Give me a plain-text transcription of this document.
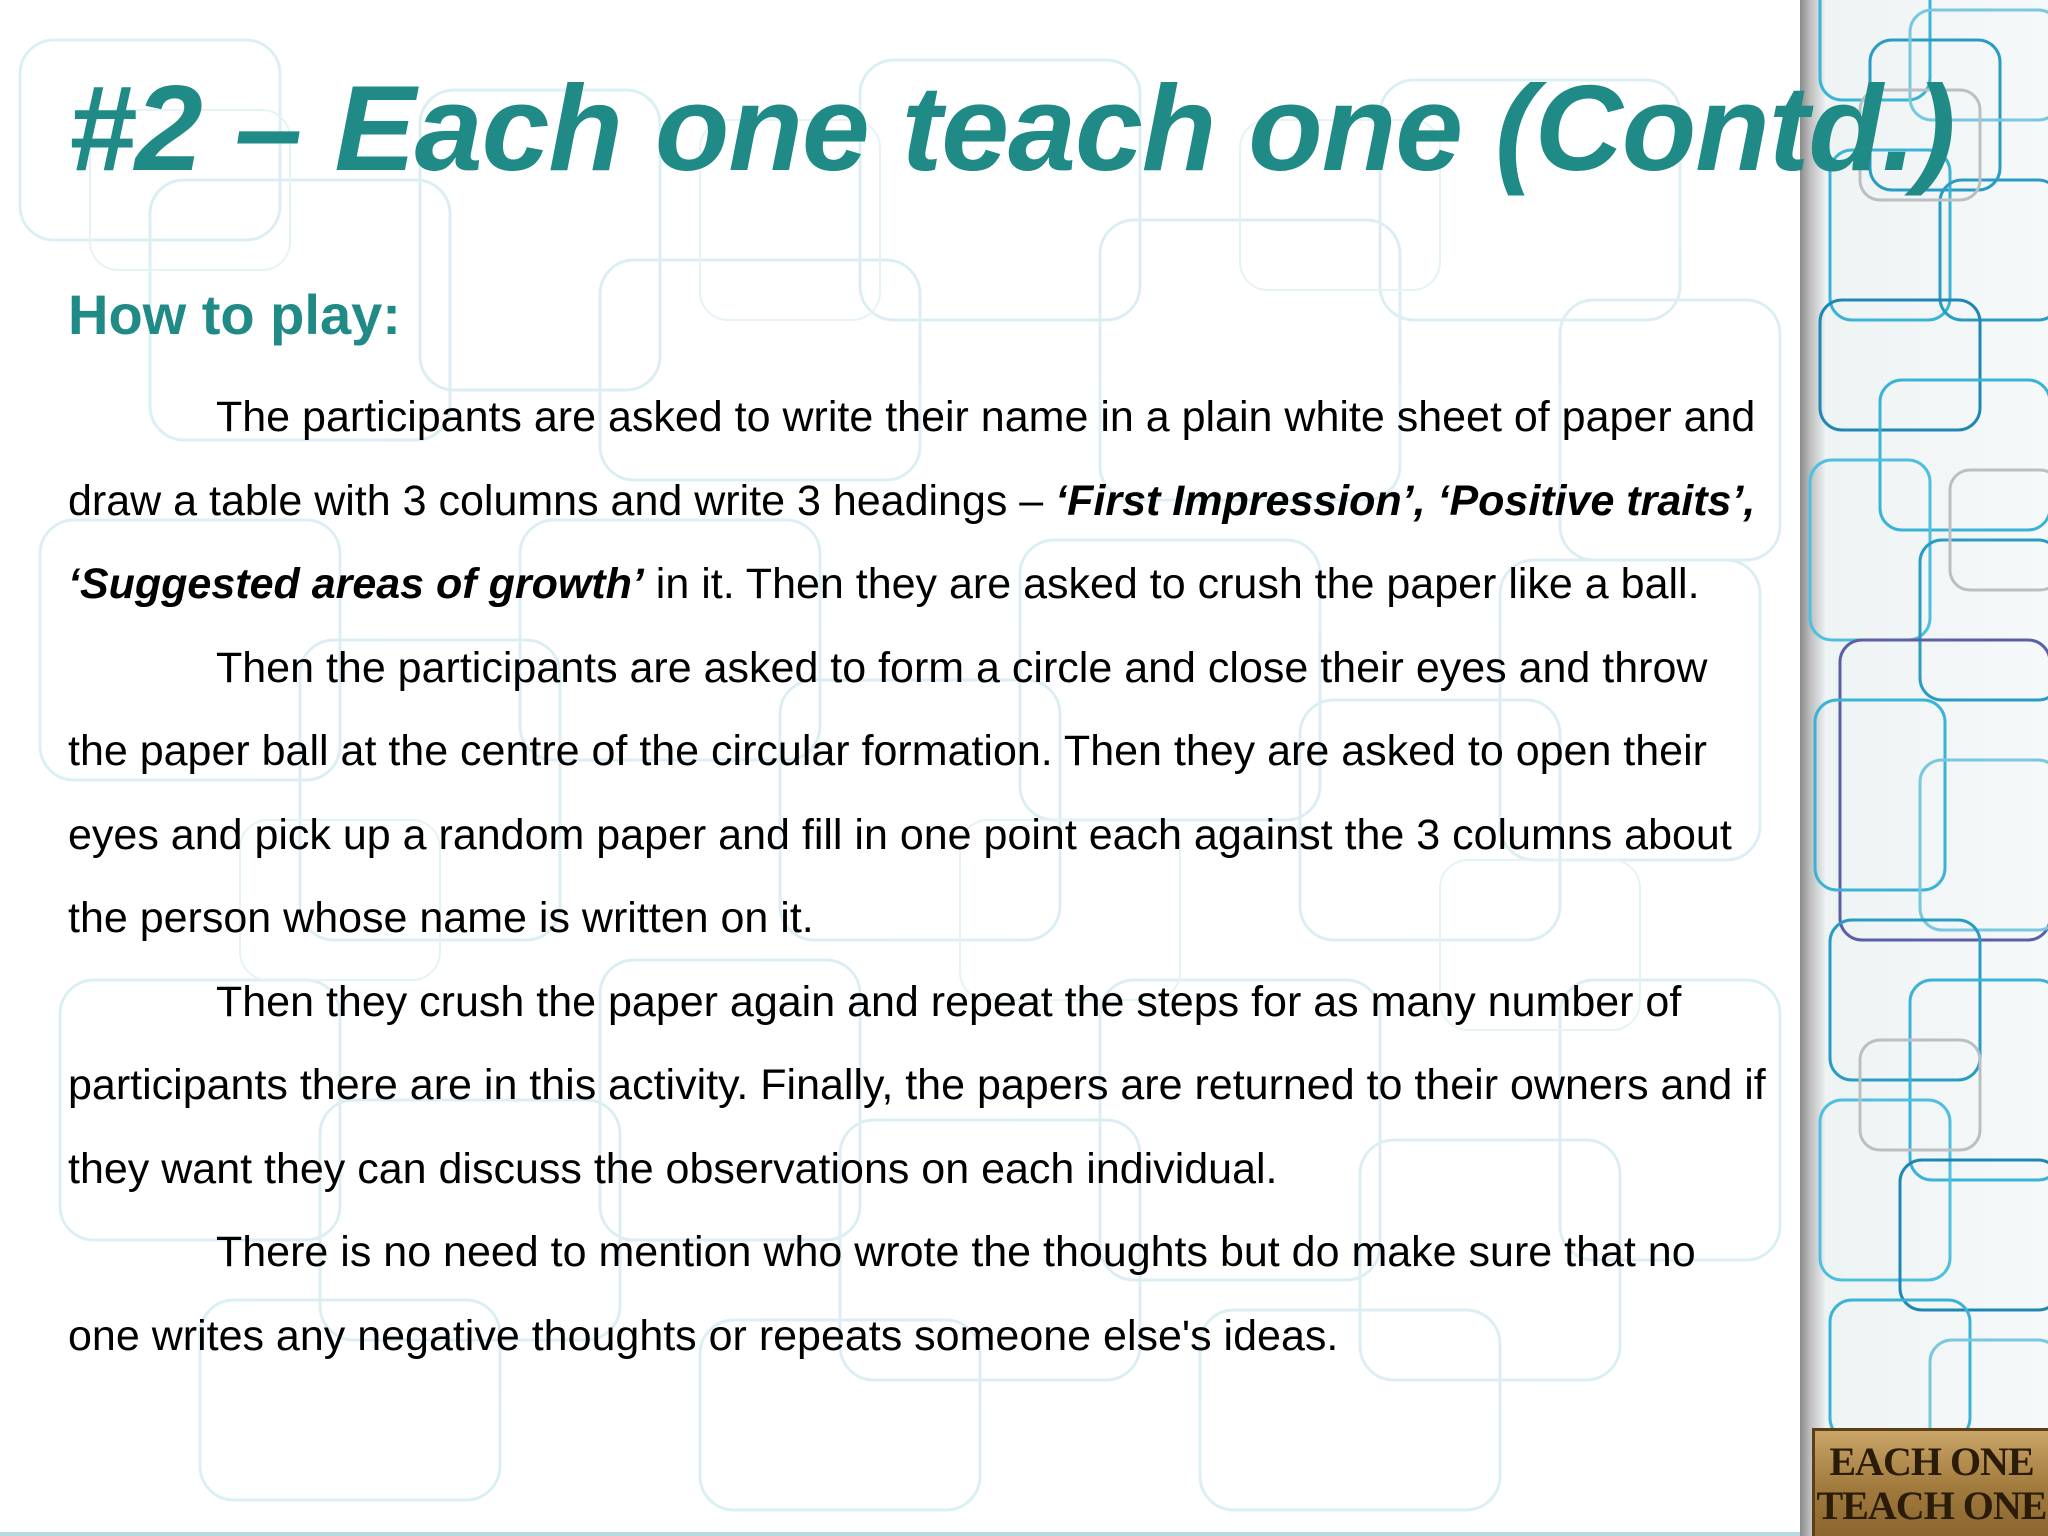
#2 – Each one teach one (Contd.)
How to play:

The participants are asked to write their name in a plain white sheet of paper and draw a table with 3 columns and write 3 headings – ‘First Impression’, ‘Positive traits’, ‘Suggested areas of growth’ in it. Then they are asked to crush the paper like a ball.

Then the participants are asked to form a circle and close their eyes and throw the paper ball at the centre of the circular formation. Then they are asked to open their eyes and pick up a random paper and fill in one point each against the 3 columns about the person whose name is written on it.

Then they crush the paper again and repeat the steps for as many number of participants there are in this activity. Finally, the papers are returned to their owners and if they want they can discuss the observations on each individual.

There is no need to mention who wrote the thoughts but do make sure that no one writes any negative thoughts or repeats someone else's ideas.

EACH ONE
TEACH ONE
